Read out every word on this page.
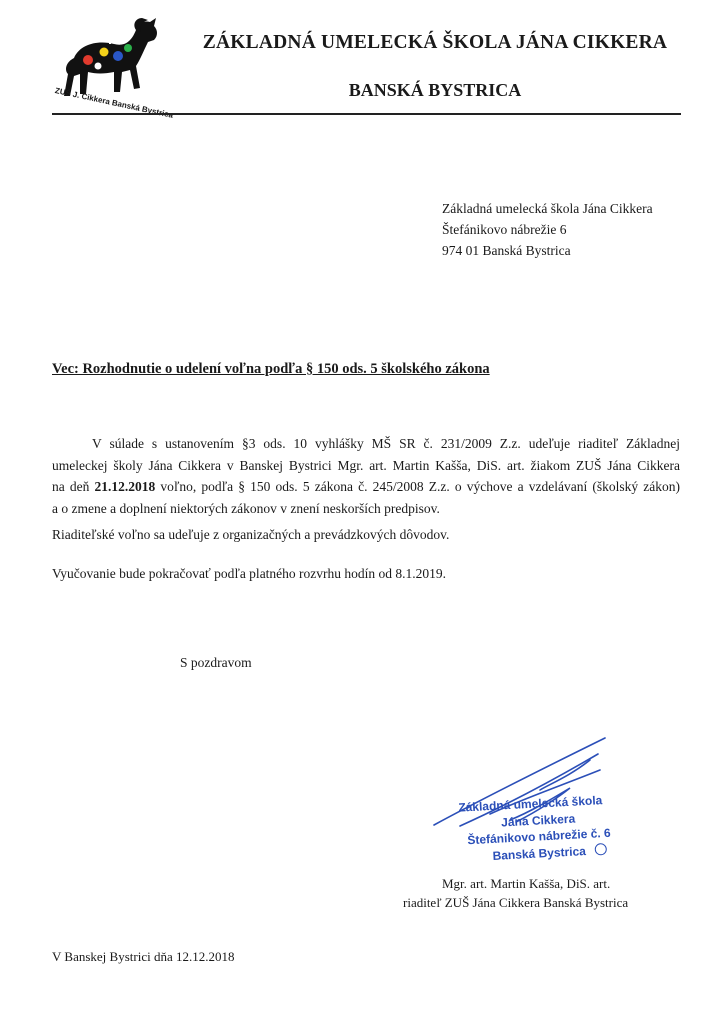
ZUŠ J. Cikkera Banská Bystrica
ZÁKLADNÁ UMELECKÁ ŠKOLA JÁNA CIKKERA
BANSKÁ BYSTRICA
Základná umelecká škola Jána Cikkera
Štefánikovo nábrežie 6
974 01 Banská Bystrica
Vec: Rozhodnutie o udelení voľna podľa § 150 ods. 5 školského zákona
V súlade s ustanovením §3 ods. 10 vyhlášky MŠ SR č. 231/2009 Z.z. udeľuje riaditeľ Základnej
umeleckej školy Jána Cikkera v Banskej Bystrici Mgr. art. Martin Kašša, DiS. art. žiakom ZUŠ Jána Cikkera
na deň 21.12.2018 voľno, podľa § 150 ods. 5 zákona č. 245/2008 Z.z. o výchove a vzdelávaní (školský zákon)
a o zmene a doplnení niektorých zákonov v znení neskorších predpisov.
Riaditeľské voľno sa udeľuje z organizačných a prevádzkových dôvodov.
Vyučovanie bude pokračovať podľa platného rozvrhu hodín od 8.1.2019.
S pozdravom
Základná umelecká škola
Jána Cikkera
Štefánikovo nábrežie č. 6
Banská Bystrica
Mgr. art. Martin Kašša, DiS. art.
riaditeľ ZUŠ Jána Cikkera Banská Bystrica
V Banskej Bystrici dňa 12.12.2018
